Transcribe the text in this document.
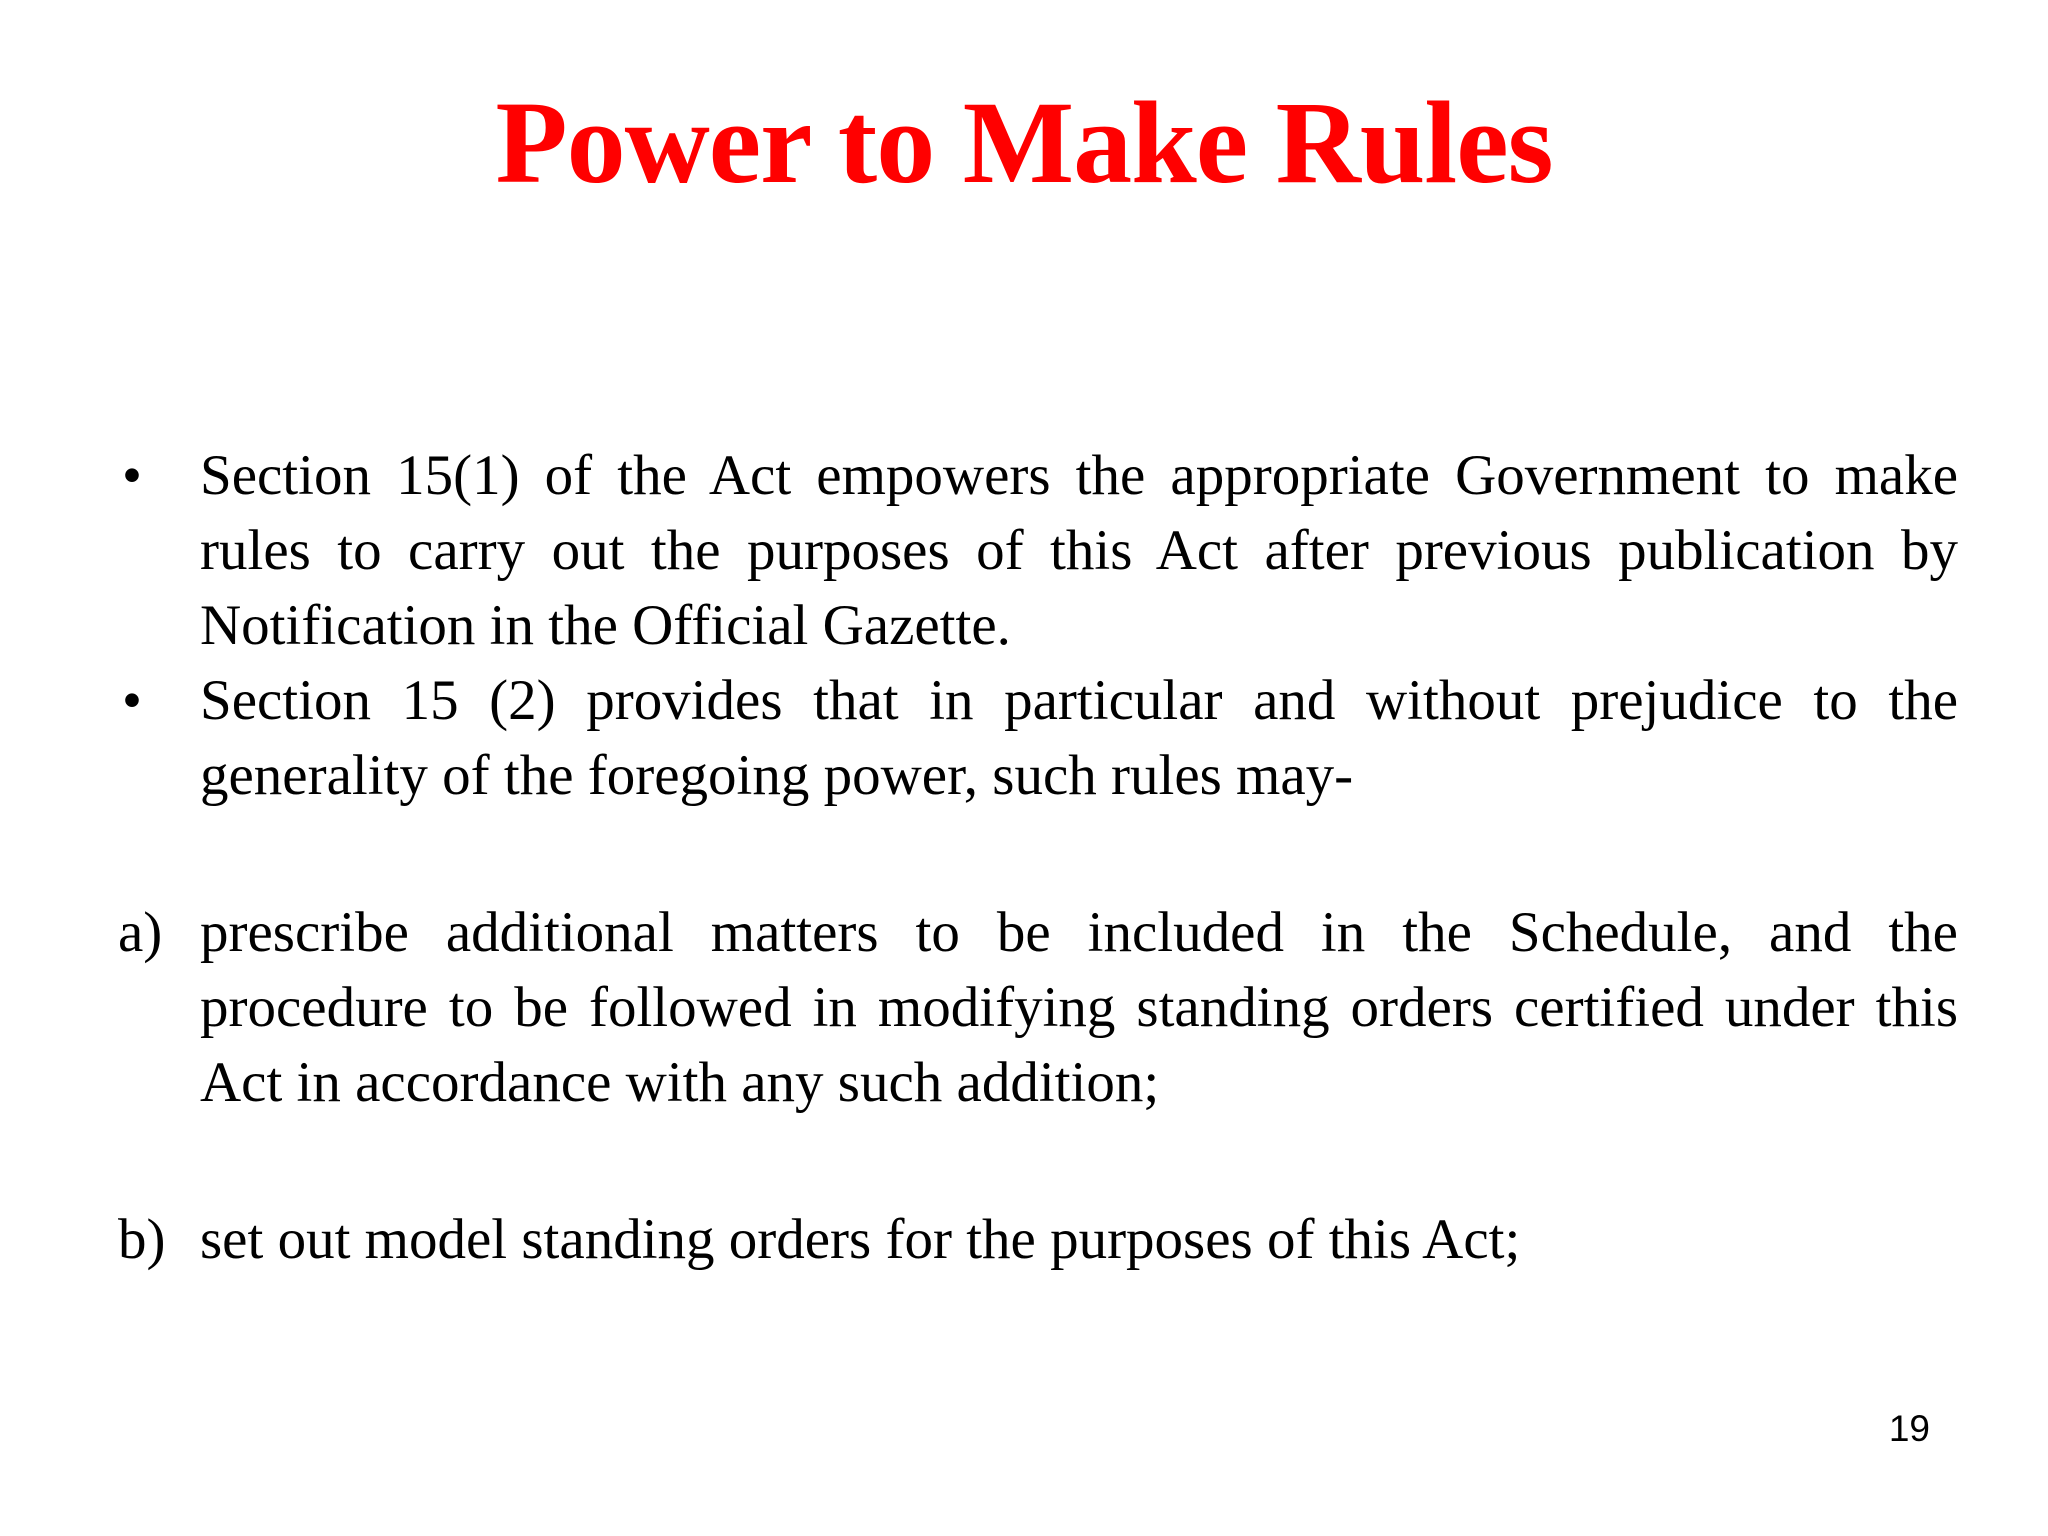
Power to Make Rules
•	Section 15(1) of the Act empowers the appropriate Government to make rules to carry out the purposes of this Act after previous publication by Notification in the Official Gazette.
•	Section 15 (2) provides that in particular and without prejudice to the generality of the foregoing power, such rules may-
a) prescribe additional matters to be included in the Schedule, and the procedure to be followed in modifying standing orders certified under this Act in accordance with any such addition;
b) set out model standing orders for the purposes of this Act;
19
